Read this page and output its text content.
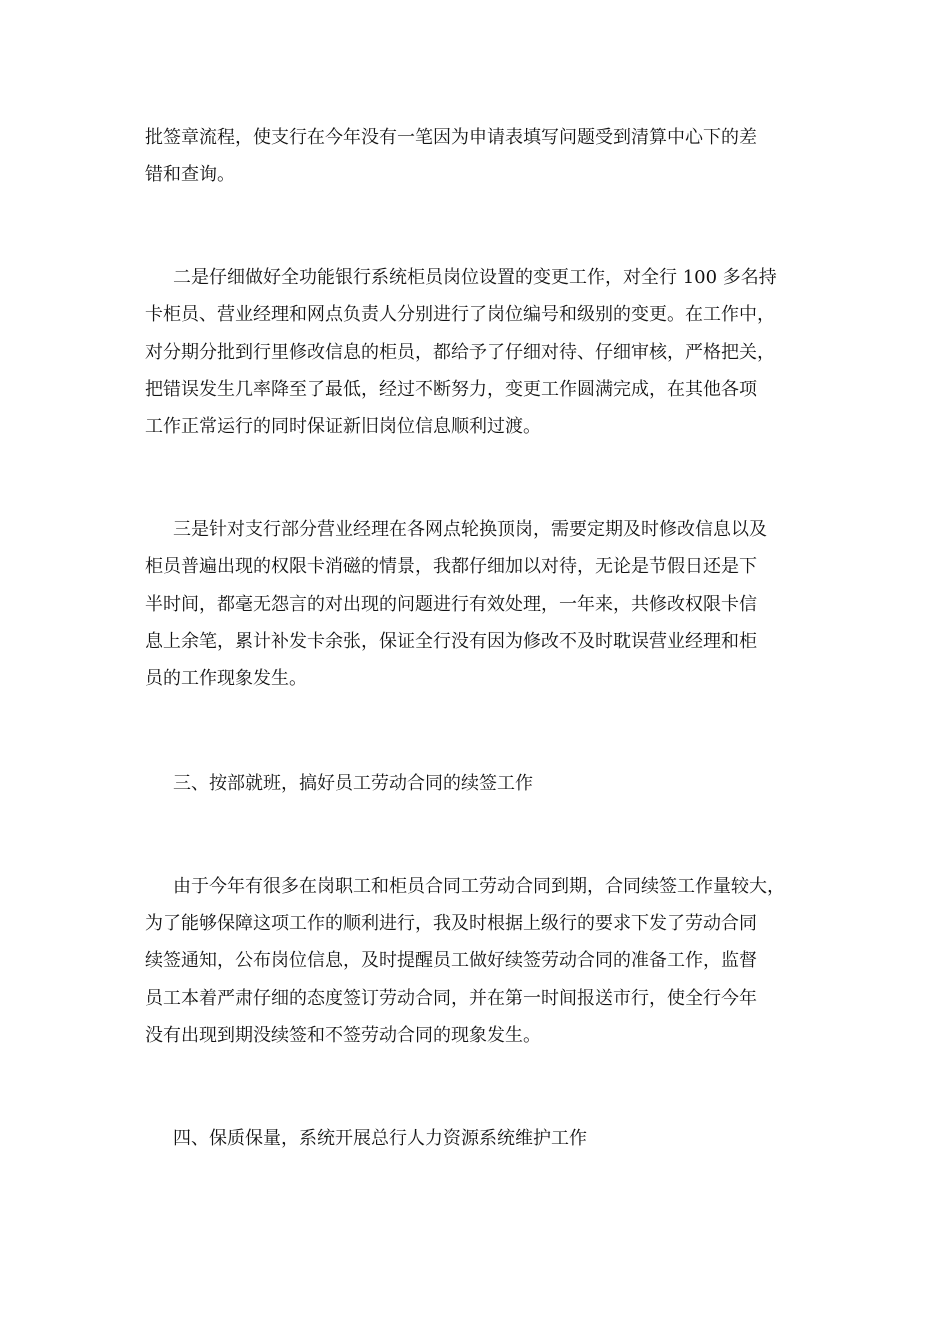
批签章流程，使支行在今年没有一笔因为申请表填写问题受到清算中心下的差
错和查询。
二是仔细做好全功能银行系统柜员岗位设置的变更工作，对全行 100 多名持
卡柜员、营业经理和网点负责人分别进行了岗位编号和级别的变更。在工作中，
对分期分批到行里修改信息的柜员，都给予了仔细对待、仔细审核，严格把关，
把错误发生几率降至了最低，经过不断努力，变更工作圆满完成，在其他各项
工作正常运行的同时保证新旧岗位信息顺利过渡。
三是针对支行部分营业经理在各网点轮换顶岗，需要定期及时修改信息以及
柜员普遍出现的权限卡消磁的情景，我都仔细加以对待，无论是节假日还是下
半时间，都毫无怨言的对出现的问题进行有效处理，一年来，共修改权限卡信
息上余笔，累计补发卡余张，保证全行没有因为修改不及时耽误营业经理和柜
员的工作现象发生。
三、按部就班，搞好员工劳动合同的续签工作
由于今年有很多在岗职工和柜员合同工劳动合同到期，合同续签工作量较大，
为了能够保障这项工作的顺利进行，我及时根据上级行的要求下发了劳动合同
续签通知，公布岗位信息，及时提醒员工做好续签劳动合同的准备工作，监督
员工本着严肃仔细的态度签订劳动合同，并在第一时间报送市行，使全行今年
没有出现到期没续签和不签劳动合同的现象发生。
四、保质保量，系统开展总行人力资源系统维护工作
